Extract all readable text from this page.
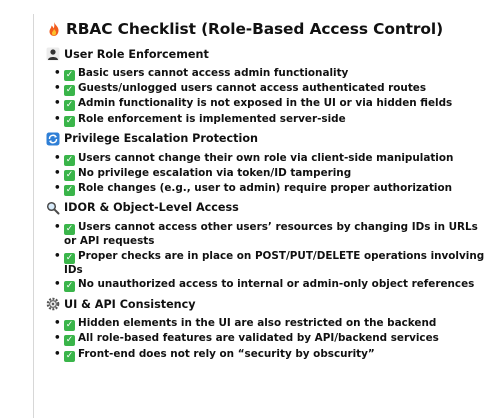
RBAC Checklist (Role-Based Access Control)
User Role Enforcement
• ✓ Basic users cannot access admin functionality
• ✓ Guests/unlogged users cannot access authenticated routes
• ✓ Admin functionality is not exposed in the UI or via hidden fields
• ✓ Role enforcement is implemented server-side
Privilege Escalation Protection
• ✓ Users cannot change their own role via client-side manipulation
• ✓ No privilege escalation via token/ID tampering
• ✓ Role changes (e.g., user to admin) require proper authorization
IDOR & Object-Level Access
• ✓ Users cannot access other users’ resources by changing IDs in URLs or API requests
• ✓ Proper checks are in place on POST/PUT/DELETE operations involving IDs
• ✓ No unauthorized access to internal or admin-only object references
UI & API Consistency
• ✓ Hidden elements in the UI are also restricted on the backend
• ✓ All role-based features are validated by API/backend services
• ✓ Front-end does not rely on “security by obscurity”
